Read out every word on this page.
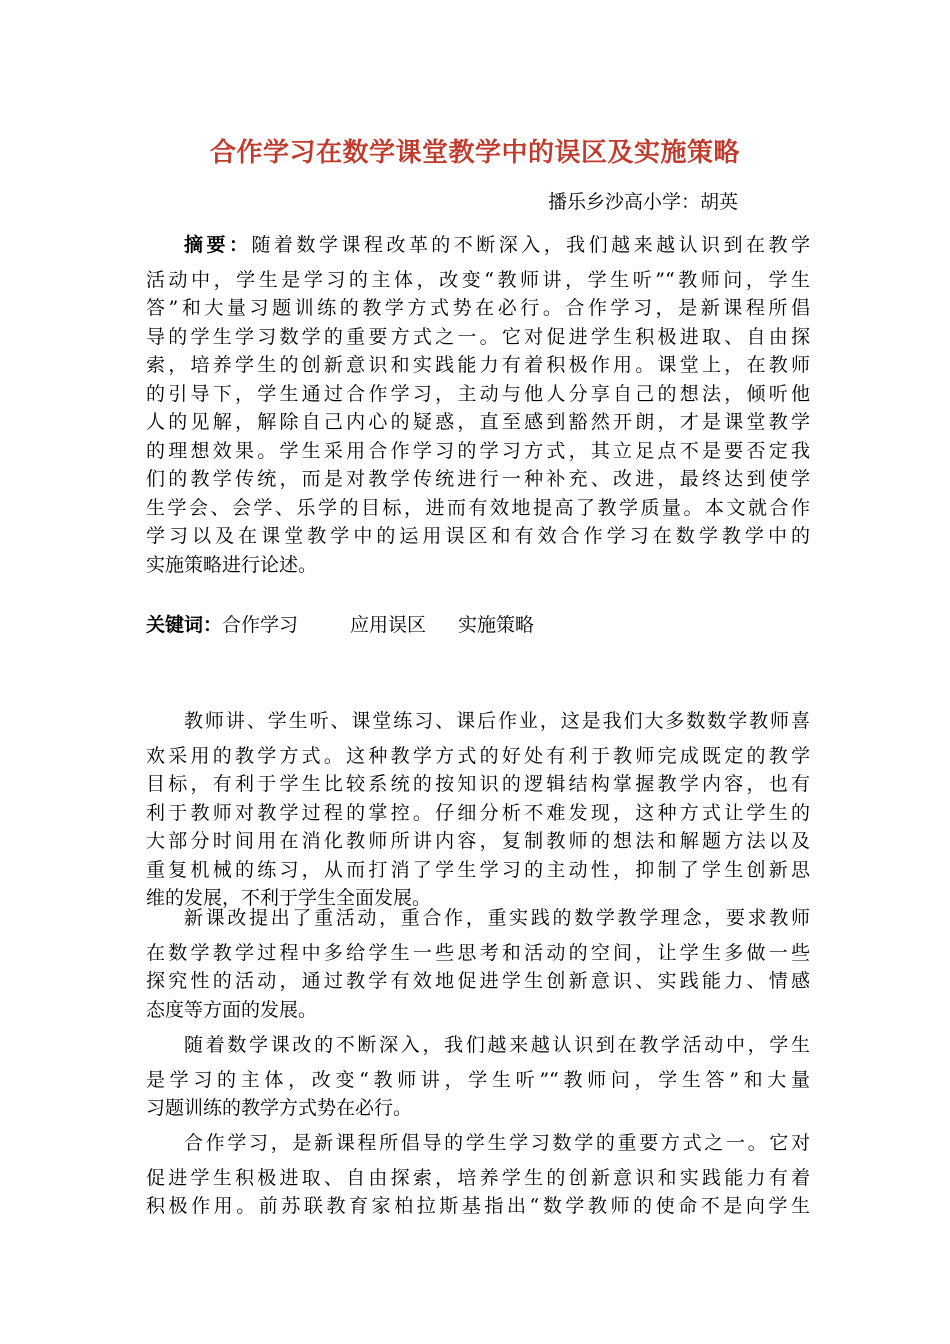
合作学习在数学课堂教学中的误区及实施策略
播乐乡沙高小学：胡英
摘要：随着数学课程改革的不断深入，我们越来越认识到在教学
活动中，学生是学习的主体，改变“教师讲，学生听”“教师问，学生
答”和大量习题训练的教学方式势在必行。合作学习，是新课程所倡
导的学生学习数学的重要方式之一。它对促进学生积极进取、自由探
索，培养学生的创新意识和实践能力有着积极作用。课堂上，在教师
的引导下，学生通过合作学习，主动与他人分享自己的想法，倾听他
人的见解，解除自己内心的疑惑，直至感到豁然开朗，才是课堂教学
的理想效果。学生采用合作学习的学习方式，其立足点不是要否定我
们的教学传统，而是对教学传统进行一种补充、改进，最终达到使学
生学会、会学、乐学的目标，进而有效地提高了教学质量。本文就合作
学习以及在课堂教学中的运用误区和有效合作学习在数学教学中的
实施策略进行论述。
关键词：合作学习	应用误区 实施策略
教师讲、学生听、课堂练习、课后作业，这是我们大多数数学教师喜
欢采用的教学方式。这种教学方式的好处有利于教师完成既定的教学
目标，有利于学生比较系统的按知识的逻辑结构掌握教学内容，也有
利于教师对教学过程的掌控。仔细分析不难发现，这种方式让学生的
大部分时间用在消化教师所讲内容，复制教师的想法和解题方法以及
重复机械的练习，从而打消了学生学习的主动性，抑制了学生创新思
维的发展，不利于学生全面发展。
新课改提出了重活动，重合作，重实践的数学教学理念，要求教师
在数学教学过程中多给学生一些思考和活动的空间，让学生多做一些
探究性的活动，通过教学有效地促进学生创新意识、实践能力、情感
态度等方面的发展。
随着数学课改的不断深入，我们越来越认识到在教学活动中，学生
是学习的主体，改变“教师讲，学生听”“教师问，学生答”和大量
习题训练的教学方式势在必行。
合作学习，是新课程所倡导的学生学习数学的重要方式之一。它对
促进学生积极进取、自由探索，培养学生的创新意识和实践能力有着
积极作用。前苏联教育家柏拉斯基指出“数学教师的使命不是向学生
